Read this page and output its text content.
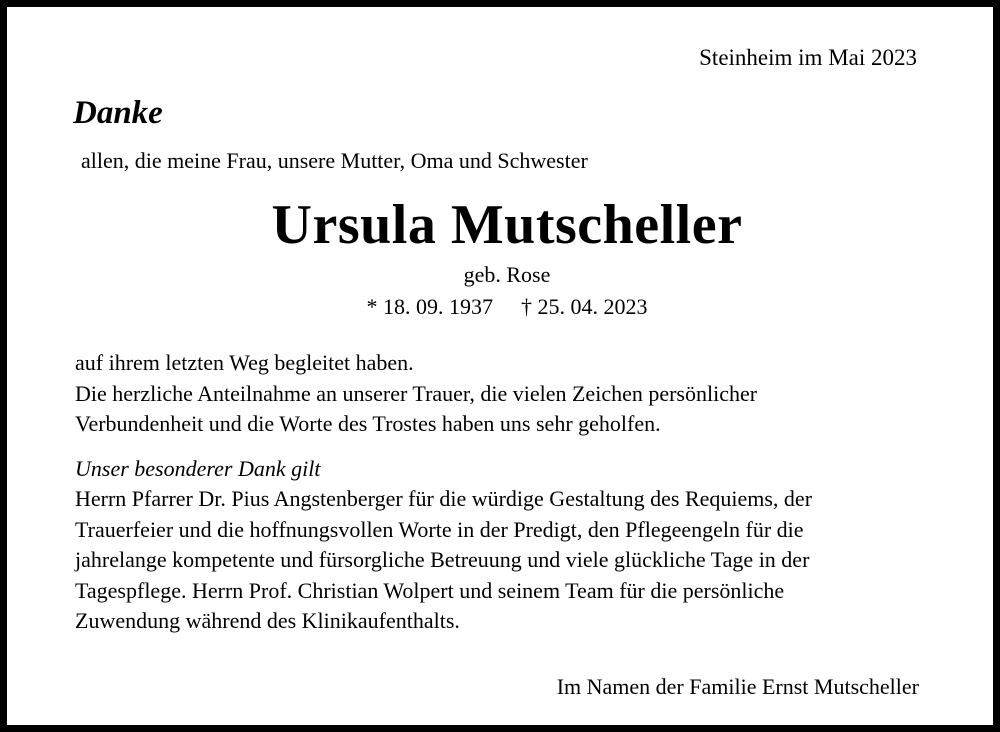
Steinheim im Mai 2023
Danke
allen, die meine Frau, unsere Mutter, Oma und Schwester
Ursula Mutscheller
geb. Rose
* 18. 09. 1937 † 25. 04. 2023
auf ihrem letzten Weg begleitet haben.
Die herzliche Anteilnahme an unserer Trauer, die vielen Zeichen persönlicher
Verbundenheit und die Worte des Trostes haben uns sehr geholfen.
Unser besonderer Dank gilt
Herrn Pfarrer Dr. Pius Angstenberger für die würdige Gestaltung des Requiems, der
Trauerfeier und die hoffnungsvollen Worte in der Predigt, den Pflegeengeln für die
jahrelange kompetente und fürsorgliche Betreuung und viele glückliche Tage in der
Tagespflege. Herrn Prof. Christian Wolpert und seinem Team für die persönliche
Zuwendung während des Klinikaufenthalts.
Im Namen der Familie Ernst Mutscheller
